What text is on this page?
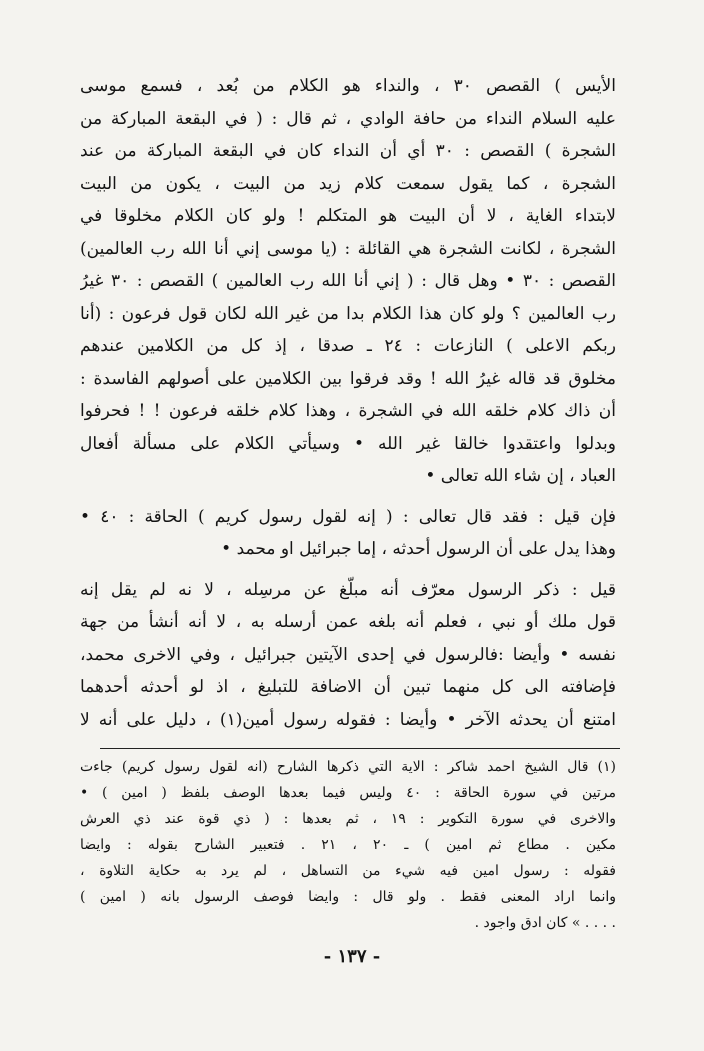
الأيس ) القصص ٣٠ ، والنداء هو الكلام من بُعد ، فسمع موسى
عليه السلام النداء من حافة الوادي ، ثم قال : ( في البقعة المباركة من
الشجرة ) القصص : ٣٠ أي أن النداء كان في البقعة المباركة من عند
الشجرة ، كما يقول سمعت كلام زيد من البيت ، يكون من البيت
لابتداء الغاية ، لا أن البيت هو المتكلم ! ولو كان الكلام مخلوقا في
الشجرة ، لكانت الشجرة هي القائلة : (يا موسى إني أنا الله رب العالمين)
القصص : ٣٠ • وهل قال : ( إني أنا الله رب العالمين ) القصص : ٣٠ غيرُ
رب العالمين ؟ ولو كان هذا الكلام بدا من غير الله لكان قول فرعون : (أنا
ربكم الاعلى ) النازعات : ٢٤ ـ صدقا ، إذ كل من الكلامين عندهم
مخلوق قد قاله غيرُ الله ! وقد فرقوا بين الكلامين على أصولهم الفاسدة :
أن ذاك كلام خلقه الله في الشجرة ، وهذا كلام خلقه فرعون ! ! فحرفوا
وبدلوا واعتقدوا خالقا غير الله • وسيأتي الكلام على مسألة أفعال
العباد ، إن شاء الله تعالى •
فإن قيل : فقد قال تعالى : ( إنه لقول رسول كريم ) الحاقة : ٤٠ •
وهذا يدل على أن الرسول أحدثه ، إما جبرائيل او محمد •
قيل : ذكر الرسول معرّف أنه مبلّغ عن مرسِله ، لا نه لم يقل إنه
قول ملك أو نبي ، فعلم أنه بلغه عمن أرسله به ، لا أنه أنشأ من جهة
نفسه • وأيضا :فالرسول في إحدى الآيتين جبرائيل ، وفي الاخرى محمد،
فإضافته الى كل منهما تبين أن الاضافة للتبليغ ، اذ لو أحدثه أحدهما
امتنع أن يحدثه الآخر • وأيضا : فقوله رسول أمين(١) ، دليل على أنه لا
(١) قال الشيخ احمد شاكر : الاية التي ذكرها الشارح (انه لقول رسول كريم) جاءت
مرتين في سورة الحاقة : ٤٠ وليس فيما بعدها الوصف بلفظ ( امين ) •
والاخرى في سورة التكوير : ١٩ ، ثم بعدها : ( ذي قوة عند ذي العرش
مكين . مطاع ثم امين ) ـ ٢٠ ، ٢١ . فتعبير الشارح بقوله : وايضا
فقوله : رسول امين فيه شيء من التساهل ، لم يرد به حكاية التلاوة ،
وانما اراد المعنى فقط . ولو قال : وايضا فوصف الرسول بانه ( امين )
. . . . » كان ادق واجود .
- ١٣٧ -
